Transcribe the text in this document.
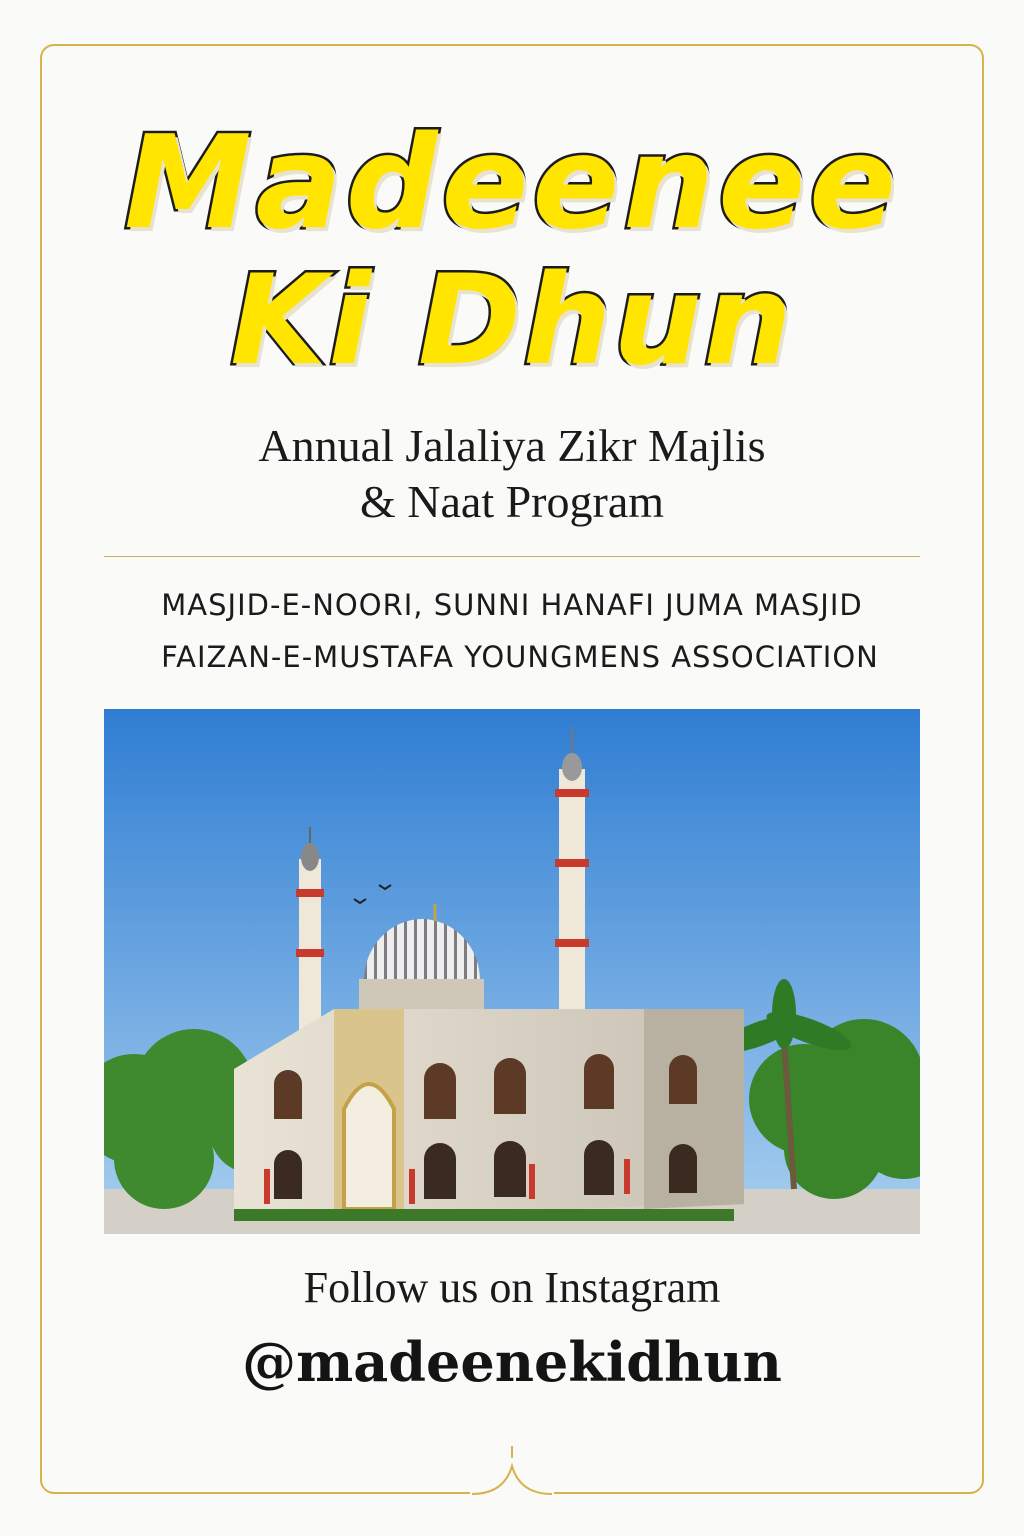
Madeenee
Ki Dhun
Annual Jalaliya Zikr Majlis
& Naat Program
MASJID-E-NOORI, SUNNI HANAFI JUMA MASJID
FAIZAN-E-MUSTAFA YOUNGMENS ASSOCIATION
Follow us on Instagram
@madeenekidhun
